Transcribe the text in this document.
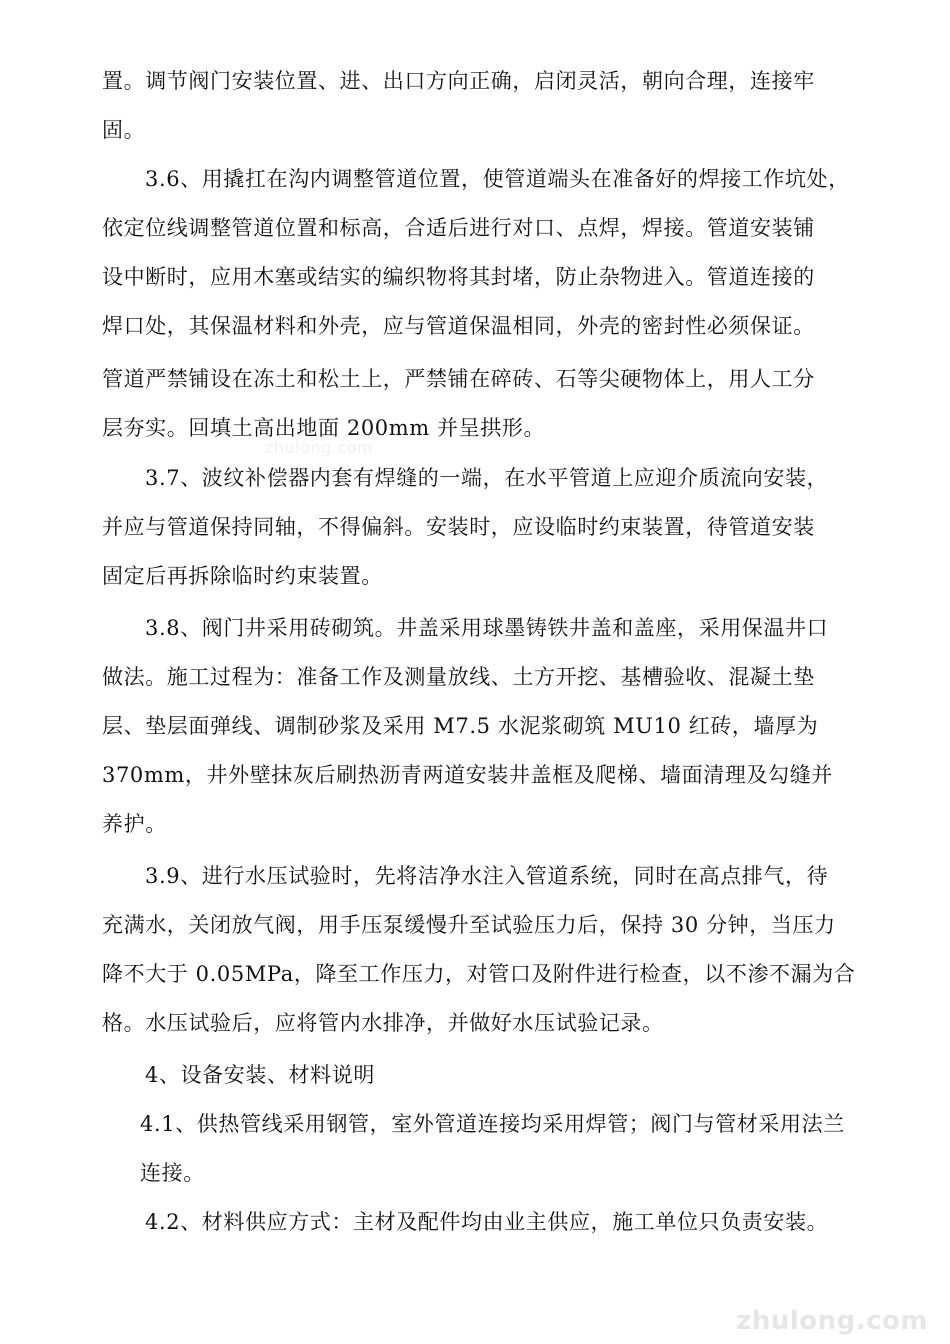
置。调节阀门安装位置、进、出口方向正确，启闭灵活，朝向合理，连接牢
固。
3.6、用撬扛在沟内调整管道位置，使管道端头在准备好的焊接工作坑处，
依定位线调整管道位置和标高，合适后进行对口、点焊，焊接。管道安装铺
设中断时，应用木塞或结实的编织物将其封堵，防止杂物进入。管道连接的
焊口处，其保温材料和外壳，应与管道保温相同，外壳的密封性必须保证。
管道严禁铺设在冻土和松土上，严禁铺在碎砖、石等尖硬物体上，用人工分
层夯实。回填土高出地面 200mm 并呈拱形。
3.7、波纹补偿器内套有焊缝的一端，在水平管道上应迎介质流向安装，
并应与管道保持同轴，不得偏斜。安装时，应设临时约束装置，待管道安装
固定后再拆除临时约束装置。
3.8、阀门井采用砖砌筑。井盖采用球墨铸铁井盖和盖座，采用保温井口
做法。施工过程为：准备工作及测量放线、土方开挖、基槽验收、混凝土垫
层、垫层面弹线、调制砂浆及采用 M7.5 水泥浆砌筑 MU10 红砖，墙厚为
370mm，井外壁抹灰后刷热沥青两道安装井盖框及爬梯、墙面清理及勾缝并
养护。
3.9、进行水压试验时，先将洁净水注入管道系统，同时在高点排气，待
充满水，关闭放气阀，用手压泵缓慢升至试验压力后，保持 30 分钟，当压力
降不大于 0.05MPa，降至工作压力，对管口及附件进行检查，以不渗不漏为合
格。水压试验后，应将管内水排净，并做好水压试验记录。
4、设备安装、材料说明
4.1、供热管线采用钢管，室外管道连接均采用焊管；阀门与管材采用法兰
连接。
4.2、材料供应方式：主材及配件均由业主供应，施工单位只负责安装。
zhulong.com
zhulong.com
